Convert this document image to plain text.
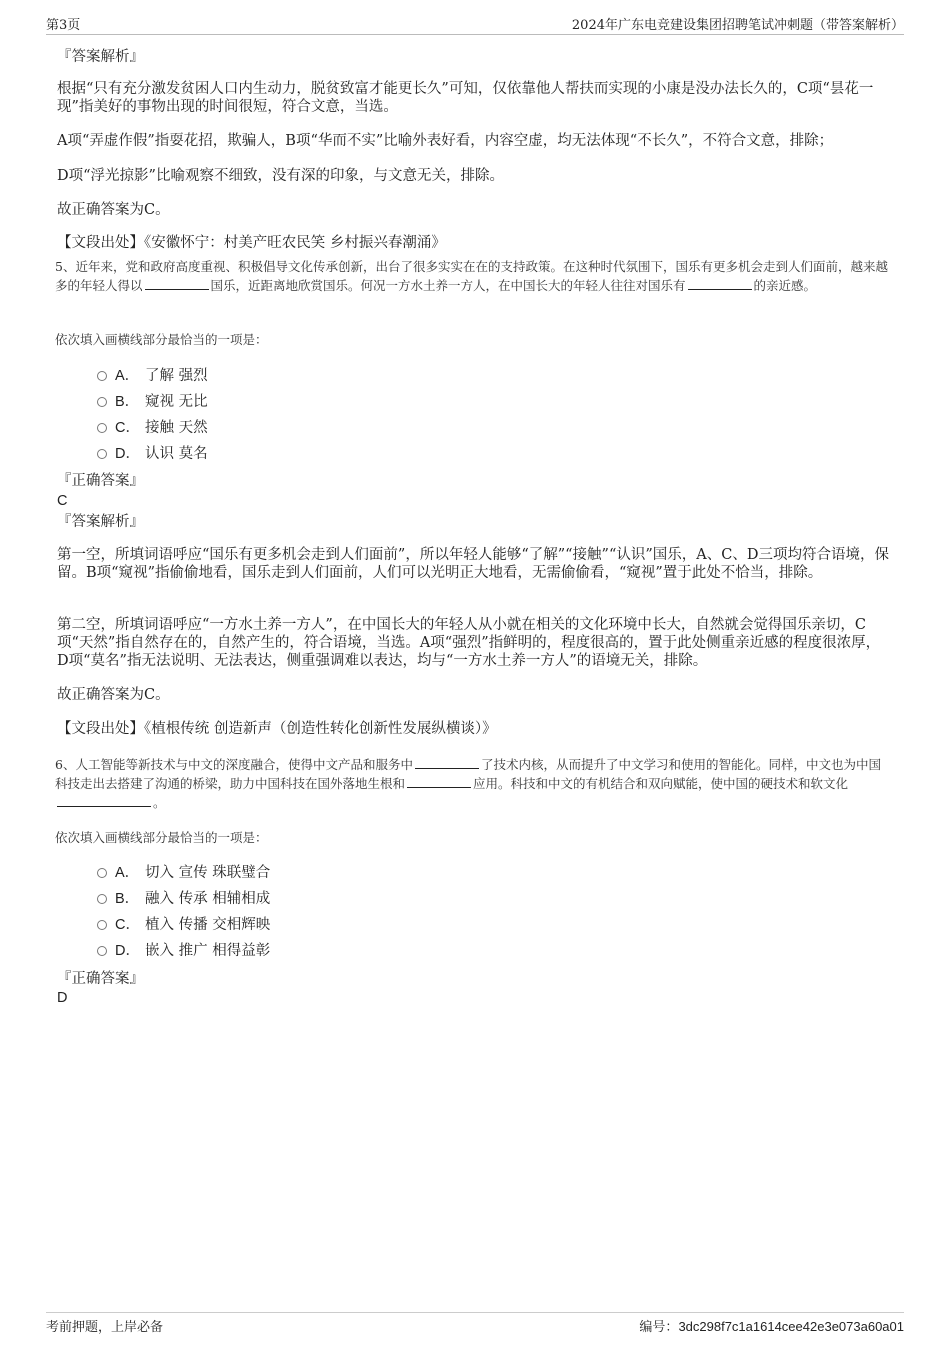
第3页	2024年广东电竞建设集团招聘笔试冲刺题（带答案解析）
『答案解析』
根据“只有充分激发贫困人口内生动力，脱贫致富才能更长久”可知，仅依靠他人帮扶而实现的小康是没办法长久的，C项“昙花一现”指美好的事物出现的时间很短，符合文意，当选。
A项“弄虚作假”指耍花招，欺骗人，B项“华而不实”比喻外表好看，内容空虚，均无法体现“不长久”，不符合文意，排除；
D项“浮光掠影”比喻观察不细致，没有深的印象，与文意无关，排除。
故正确答案为C。
【文段出处】《安徽怀宁：村美产旺农民笑 乡村振兴春潮涌》
5、近年来，党和政府高度重视、积极倡导文化传承创新，出台了很多实实在在的支持政策。在这种时代氛围下，国乐有更多机会走到人们面前，越来越多的年轻人得以	国乐，近距离地欣赏国乐。何况一方水土养一方人，在中国长大的年轻人往往对国乐有	的亲近感。
依次填入画横线部分最恰当的一项是：
A． 了解 强烈
B． 窥视 无比
C． 接触 天然
D． 认识 莫名
『正确答案』
C
『答案解析』
第一空，所填词语呼应“国乐有更多机会走到人们面前”，所以年轻人能够“了解”“接触”“认识”国乐，A、C、D三项均符合语境，保留。B项“窥视”指偷偷地看，国乐走到人们面前，人们可以光明正大地看，无需偷偷看，“窥视”置于此处不恰当，排除。
第二空，所填词语呼应“一方水土养一方人”，在中国长大的年轻人从小就在相关的文化环境中长大，自然就会觉得国乐亲切，C项“天然”指自然存在的，自然产生的，符合语境，当选。A项“强烈”指鲜明的，程度很高的，置于此处侧重亲近感的程度很浓厚，D项“莫名”指无法说明、无法表达，侧重强调难以表达，均与“一方水土养一方人”的语境无关，排除。
故正确答案为C。
【文段出处】《植根传统 创造新声（创造性转化创新性发展纵横谈）》
6、人工智能等新技术与中文的深度融合，使得中文产品和服务中	了技术内核，从而提升了中文学习和使用的智能化。同样，中文也为中国科技走出去搭建了沟通的桥梁，助力中国科技在国外落地生根和	应用。科技和中文的有机结合和双向赋能，使中国的硬技术和软文化。
依次填入画横线部分最恰当的一项是：
A． 切入 宣传 珠联璧合
B． 融入 传承 相辅相成
C． 植入 传播 交相辉映
D． 嵌入 推广 相得益彰
『正确答案』
D
考前押题，上岸必备	编号：3dc298f7c1a1614cee42e3e073a60a01
